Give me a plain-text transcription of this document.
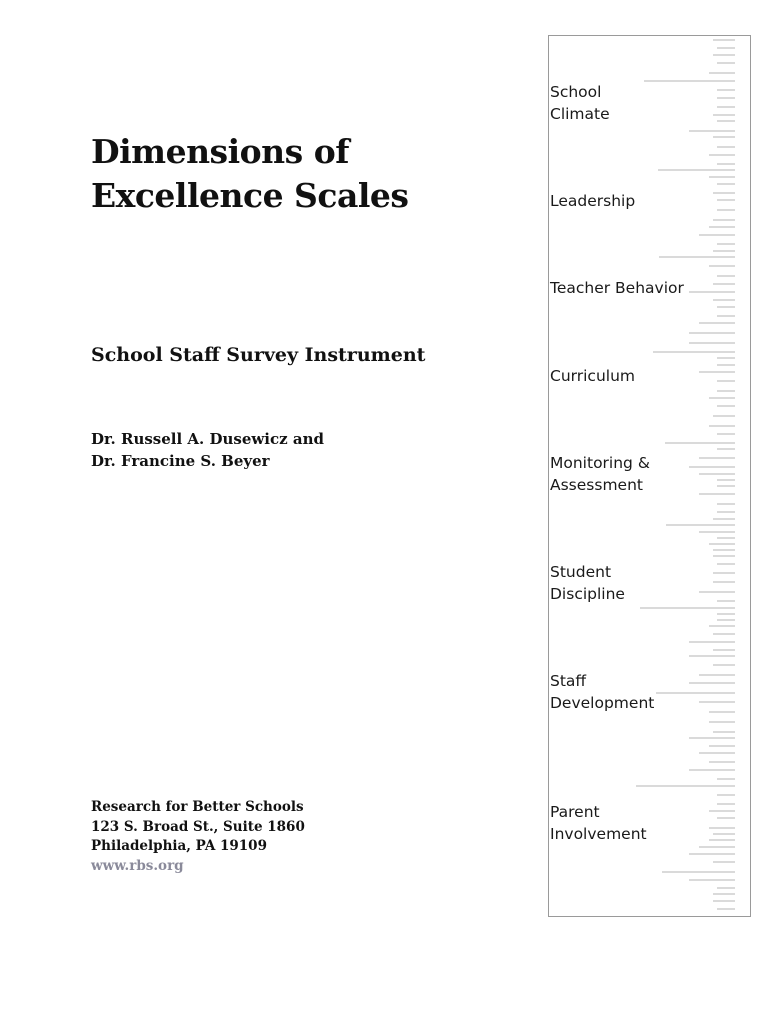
Dimensions of
Excellence Scales
School Staff Survey Instrument
Dr. Russell A. Dusewicz and
Dr. Francine S. Beyer
Research for Better Schools
123 S. Broad St., Suite 1860
Philadelphia, PA 19109
www.rbs.org
School
Climate
Leadership
Teacher Behavior
Curriculum
Monitoring &
Assessment
Student
Discipline
Staff
Development
Parent
Involvement
